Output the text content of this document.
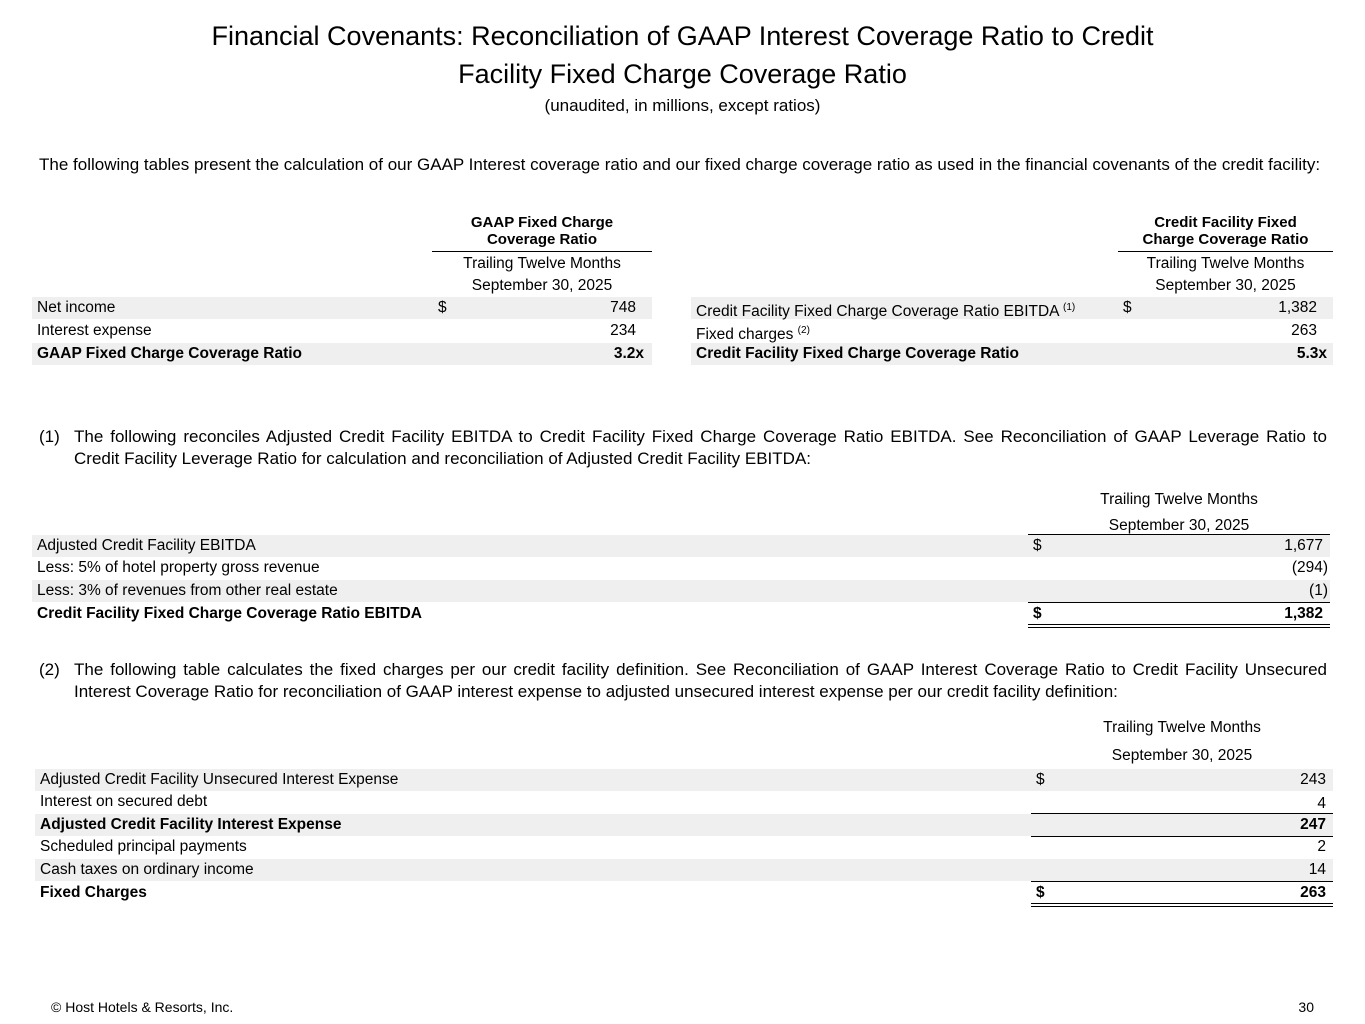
Financial Covenants: Reconciliation of GAAP Interest Coverage Ratio to Credit
Facility Fixed Charge Coverage Ratio
(unaudited, in millions, except ratios)
The following tables present the calculation of our GAAP Interest coverage ratio and our fixed charge coverage ratio as used in the financial covenants of the credit facility:
GAAP Fixed Charge
Coverage Ratio
Trailing Twelve Months
September 30, 2025
Net income	$	748
Interest expense	234
GAAP Fixed Charge Coverage Ratio	3.2x
Credit Facility Fixed
Charge Coverage Ratio
Trailing Twelve Months
September 30, 2025
Credit Facility Fixed Charge Coverage Ratio EBITDA $^{(1)}$	$	1,382
Fixed charges $^{(2)}$	263
Credit Facility Fixed Charge Coverage Ratio	5.3x
(1) The following reconciles Adjusted Credit Facility EBITDA to Credit Facility Fixed Charge Coverage Ratio EBITDA. See Reconciliation of GAAP Leverage Ratio to Credit Facility Leverage Ratio for calculation and reconciliation of Adjusted Credit Facility EBITDA:
Trailing Twelve Months
September 30, 2025
Adjusted Credit Facility EBITDA	$	1,677
Less: 5% of hotel property gross revenue	(294)
Less: 3% of revenues from other real estate	(1)
Credit Facility Fixed Charge Coverage Ratio EBITDA	$	1,382
(2) The following table calculates the fixed charges per our credit facility definition. See Reconciliation of GAAP Interest Coverage Ratio to Credit Facility Unsecured Interest Coverage Ratio for reconciliation of GAAP interest expense to adjusted unsecured interest expense per our credit facility definition:
Trailing Twelve Months
September 30, 2025
Adjusted Credit Facility Unsecured Interest Expense	$	243
Interest on secured debt	4
Adjusted Credit Facility Interest Expense	247
Scheduled principal payments	2
Cash taxes on ordinary income	14
Fixed Charges	$	263
© Host Hotels & Resorts, Inc.	30
